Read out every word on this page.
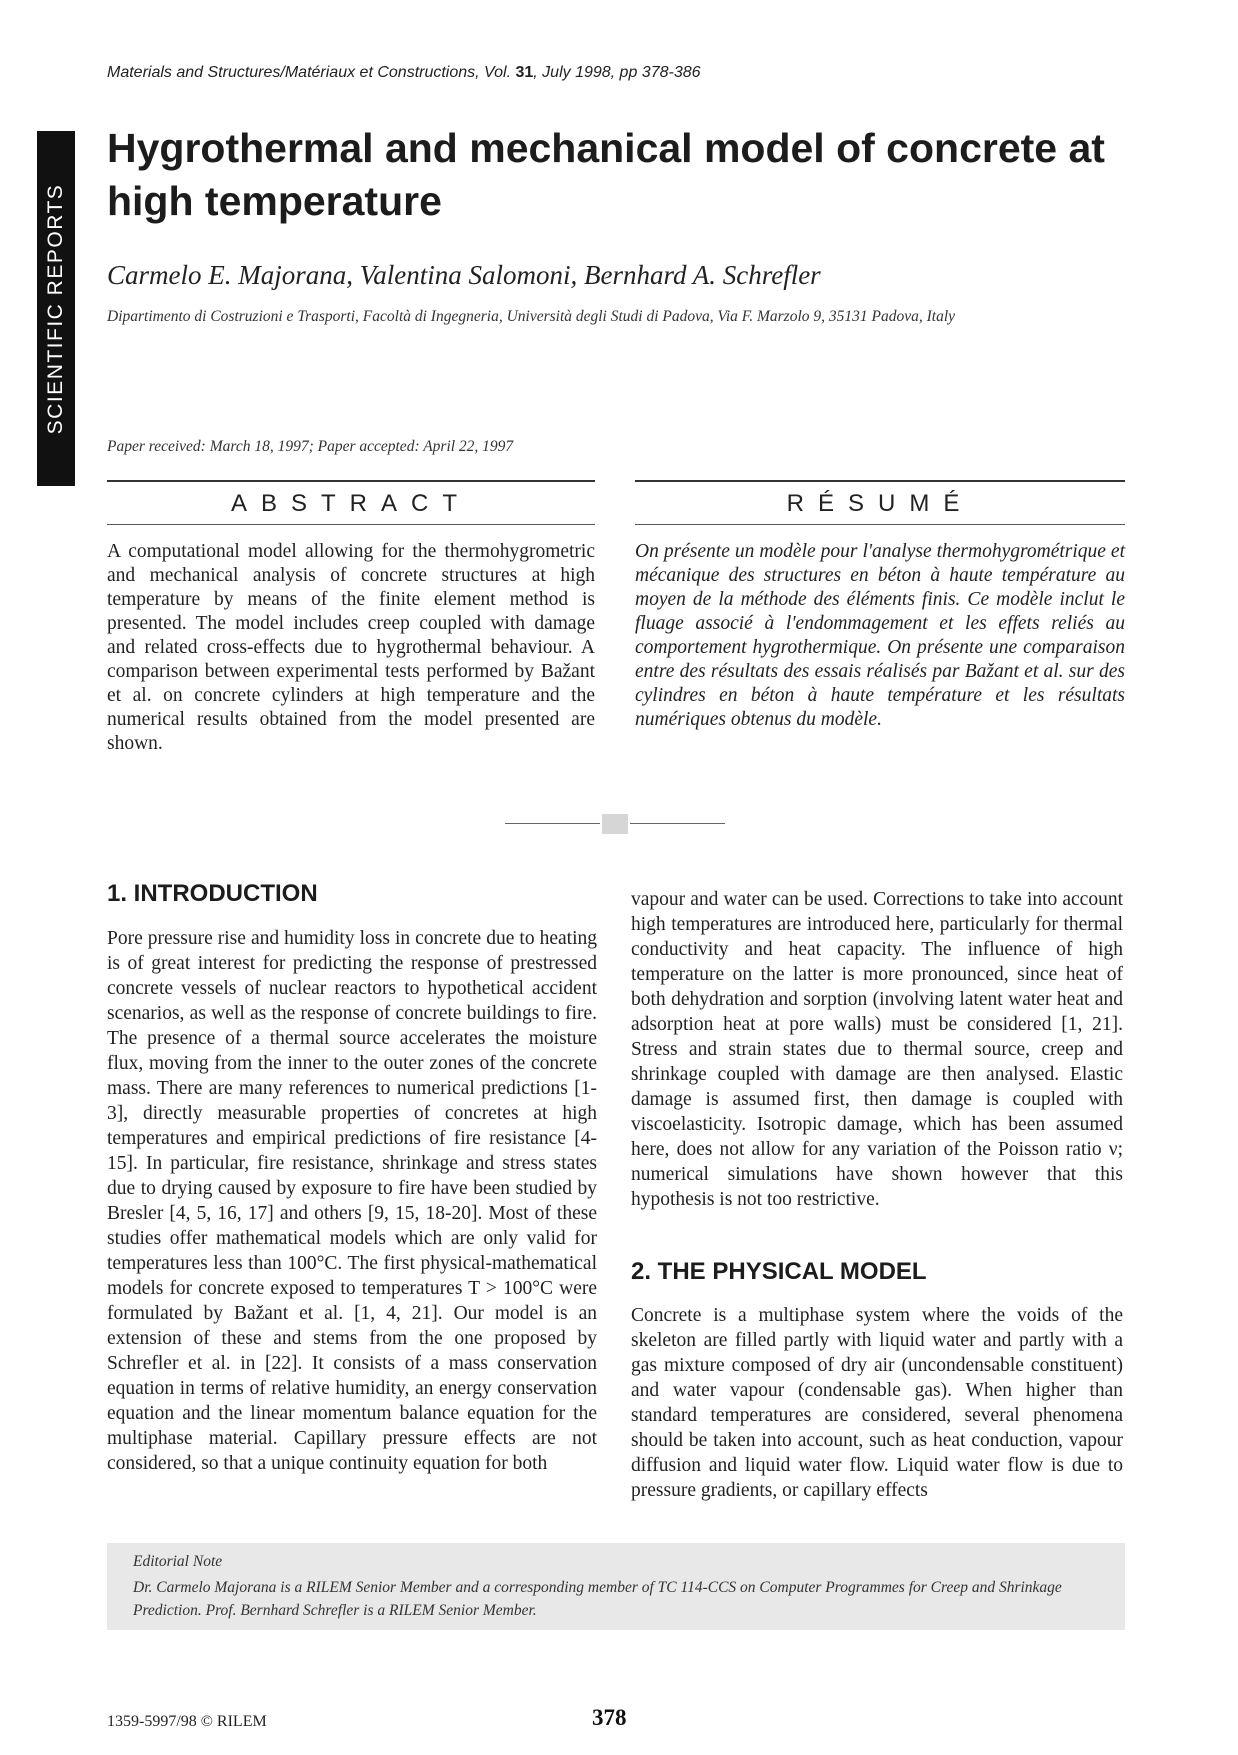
SCIENTIFIC REPORTS
Materials and Structures/Matériaux et Constructions, Vol. 31, July 1998, pp 378-386
Hygrothermal and mechanical model of concrete at high temperature

Carmelo E. Majorana, Valentina Salomoni, Bernhard A. Schrefler

Dipartimento di Costruzioni e Trasporti, Facoltà di Ingegneria, Università degli Studi di Padova, Via F. Marzolo 9, 35131 Padova, Italy

Paper received: March 18, 1997; Paper accepted: April 22, 1997

ABSTRACT

A computational model allowing for the thermohygrometric and mechanical analysis of concrete structures at high temperature by means of the finite element method is presented. The model includes creep coupled with damage and related cross-effects due to hygrothermal behaviour. A comparison between experimental tests performed by Bažant et al. on concrete cylinders at high temperature and the numerical results obtained from the model presented are shown.

RÉSUMÉ

On présente un modèle pour l'analyse thermohygrométrique et mécanique des structures en béton à haute température au moyen de la méthode des éléments finis. Ce modèle inclut le fluage associé à l'endommagement et les effets reliés au comportement hygrothermique. On présente une comparaison entre des résultats des essais réalisés par Bažant et al. sur des cylindres en béton à haute température et les résultats numériques obtenus du modèle.

1. INTRODUCTION

Pore pressure rise and humidity loss in concrete due to heating is of great interest for predicting the response of prestressed concrete vessels of nuclear reactors to hypothetical accident scenarios, as well as the response of concrete buildings to fire. The presence of a thermal source accelerates the moisture flux, moving from the inner to the outer zones of the concrete mass. There are many references to numerical predictions [1-3], directly measurable properties of concretes at high temperatures and empirical predictions of fire resistance [4-15]. In particular, fire resistance, shrinkage and stress states due to drying caused by exposure to fire have been studied by Bresler [4, 5, 16, 17] and others [9, 15, 18-20]. Most of these studies offer mathematical models which are only valid for temperatures less than 100°C. The first physical-mathematical models for concrete exposed to temperatures T > 100°C were formulated by Bažant et al. [1, 4, 21]. Our model is an extension of these and stems from the one proposed by Schrefler et al. in [22]. It consists of a mass conservation equation in terms of relative humidity, an energy conservation equation and the linear momentum balance equation for the multiphase material. Capillary pressure effects are not considered, so that a unique continuity equation for both

vapour and water can be used. Corrections to take into account high temperatures are introduced here, particularly for thermal conductivity and heat capacity. The influence of high temperature on the latter is more pronounced, since heat of both dehydration and sorption (involving latent water heat and adsorption heat at pore walls) must be considered [1, 21]. Stress and strain states due to thermal source, creep and shrinkage coupled with damage are then analysed. Elastic damage is assumed first, then damage is coupled with viscoelasticity. Isotropic damage, which has been assumed here, does not allow for any variation of the Poisson ratio ν; numerical simulations have shown however that this hypothesis is not too restrictive.

2. THE PHYSICAL MODEL

Concrete is a multiphase system where the voids of the skeleton are filled partly with liquid water and partly with a gas mixture composed of dry air (uncondensable constituent) and water vapour (condensable gas). When higher than standard temperatures are considered, several phenomena should be taken into account, such as heat conduction, vapour diffusion and liquid water flow. Liquid water flow is due to pressure gradients, or capillary effects

Editorial Note

Dr. Carmelo Majorana is a RILEM Senior Member and a corresponding member of TC 114-CCS on Computer Programmes for Creep and Shrinkage

Prediction. Prof. Bernhard Schrefler is a RILEM Senior Member.

1359-5997/98 © RILEM	378
